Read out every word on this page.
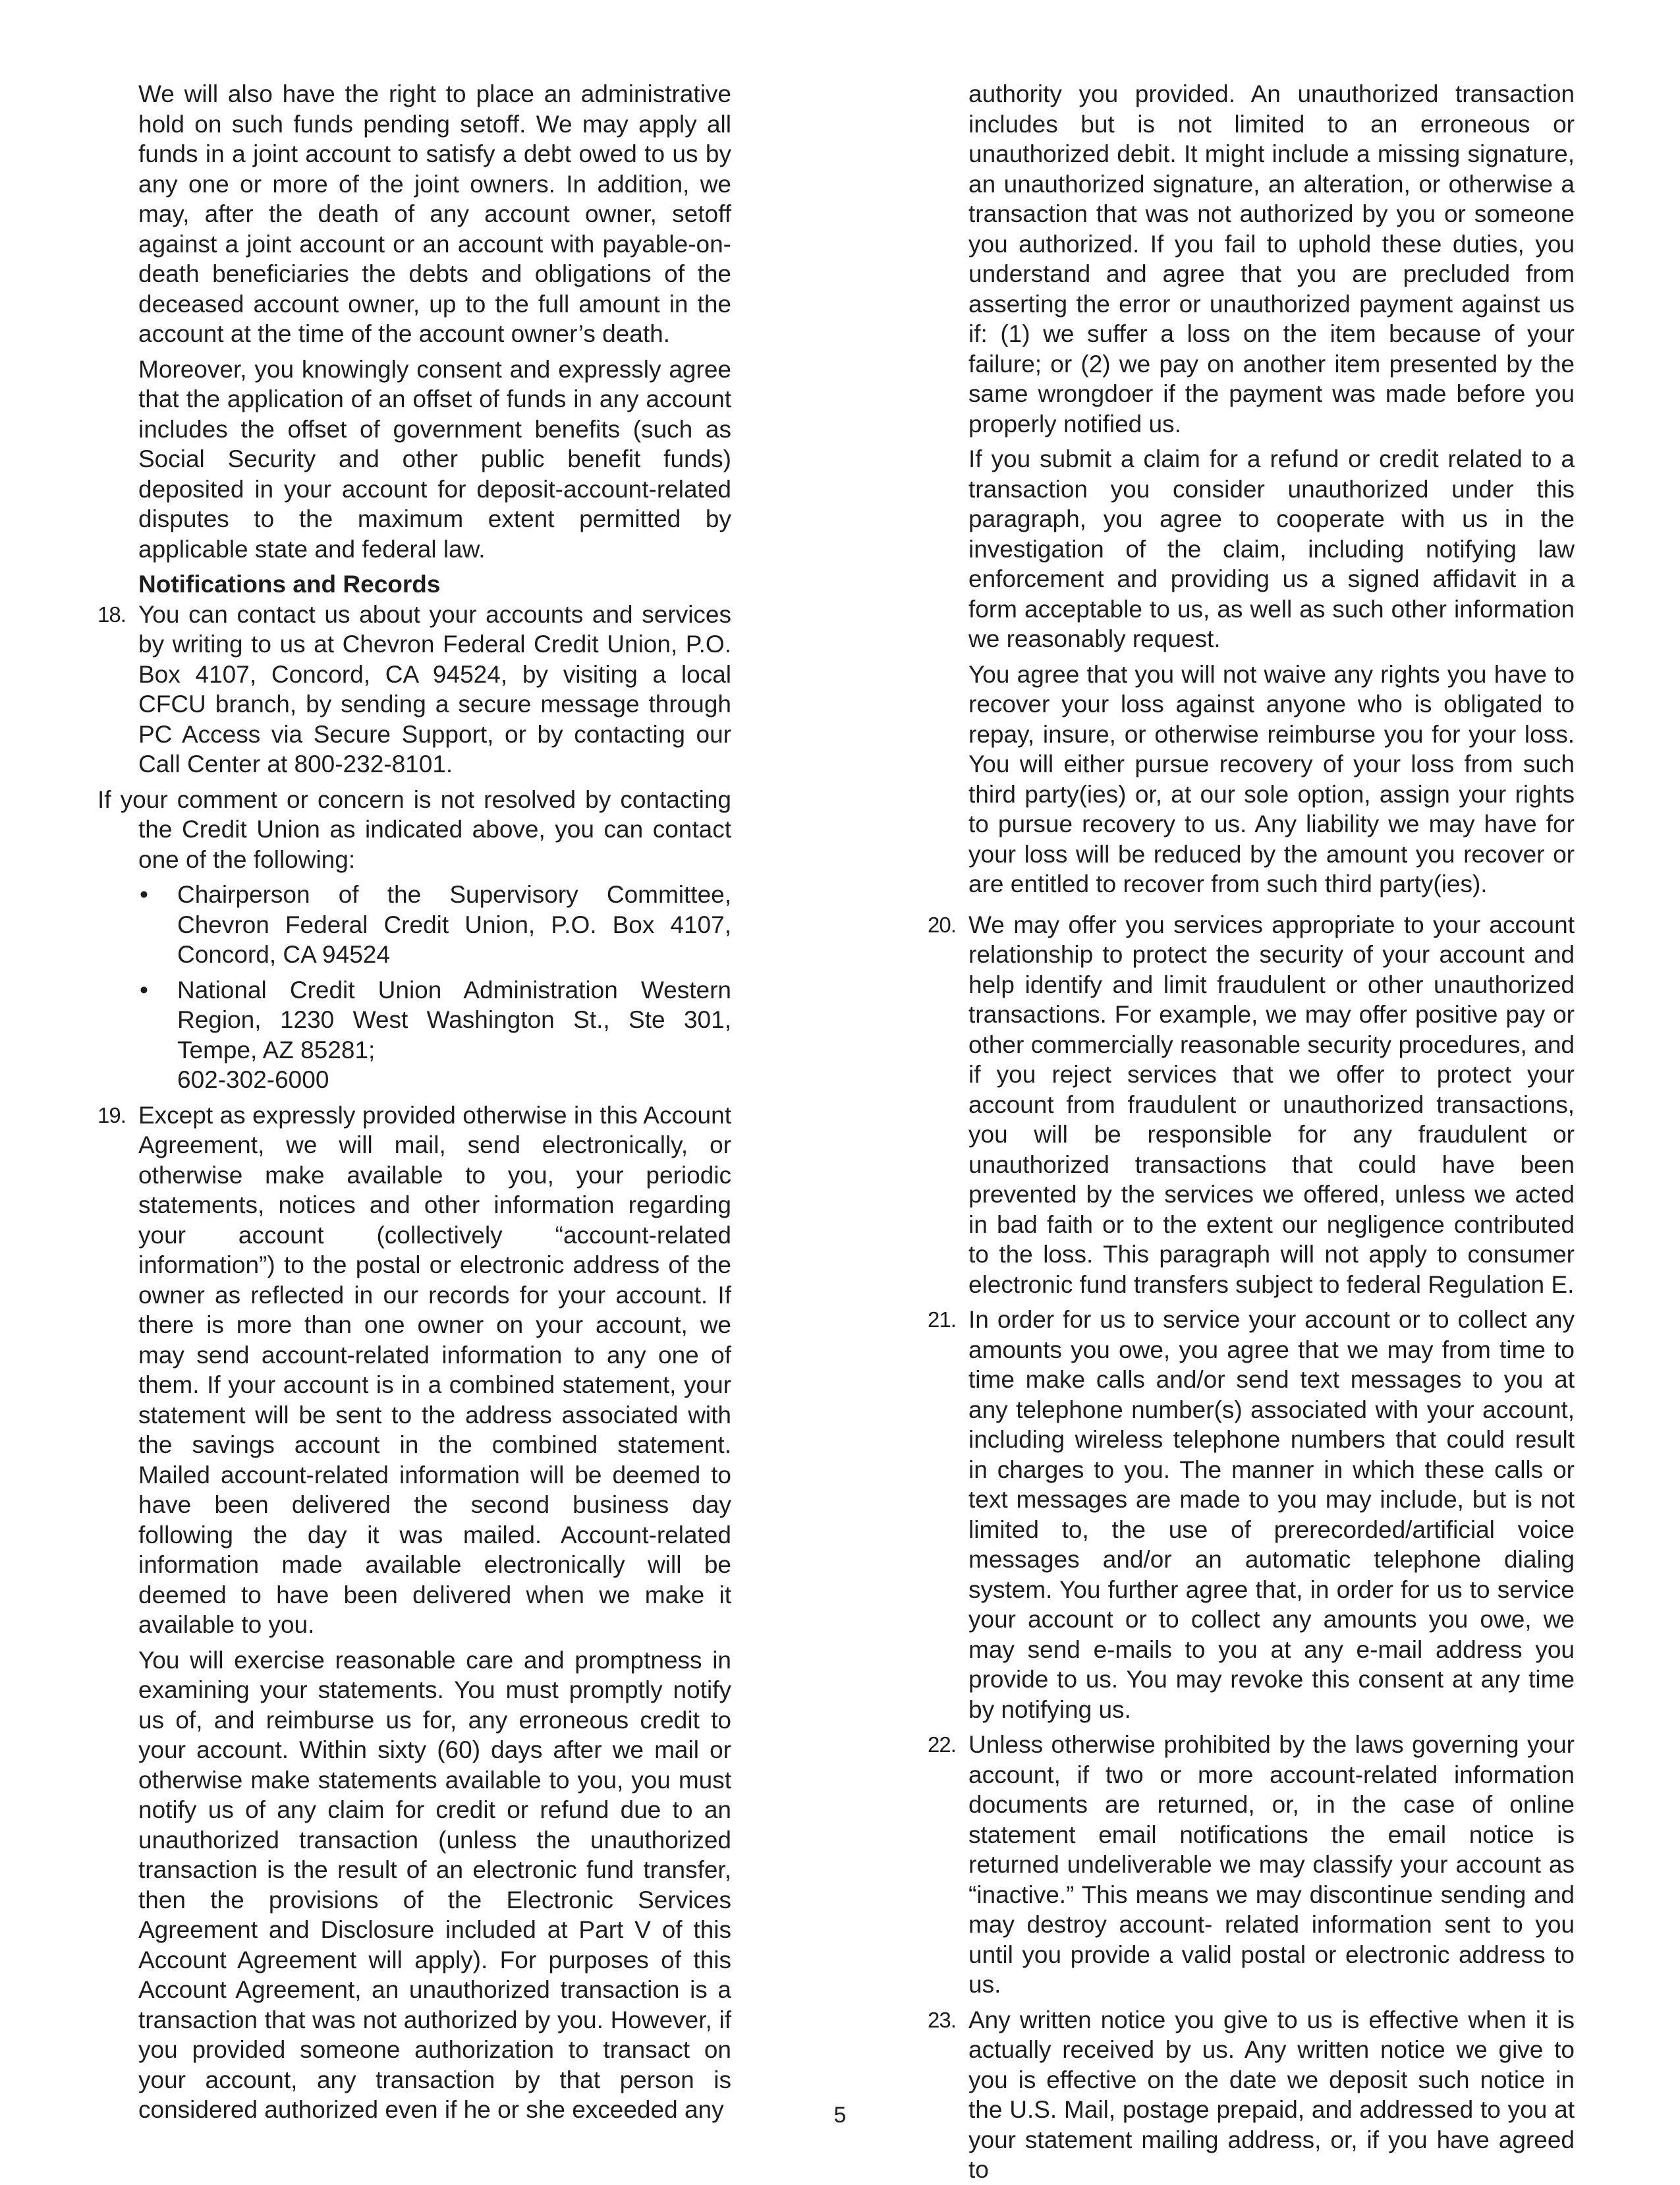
We will also have the right to place an administrative hold on such funds pending setoff. We may apply all funds in a joint account to satisfy a debt owed to us by any one or more of the joint owners. In addition, we may, after the death of any account owner, setoff against a joint account or an account with payable-on-death beneficiaries the debts and obligations of the deceased account owner, up to the full amount in the account at the time of the account owner’s death.

Moreover, you knowingly consent and expressly agree that the application of an offset of funds in any account includes the offset of government benefits (such as Social Security and other public benefit funds) deposited in your account for deposit-account-related disputes to the maximum extent permitted by applicable state and federal law.

Notifications and Records

18. You can contact us about your accounts and services by writing to us at Chevron Federal Credit Union, P.O. Box 4107, Concord, CA 94524, by visiting a local CFCU branch, by sending a secure message through PC Access via Secure Support, or by contacting our Call Center at 800-232-8101.

If your comment or concern is not resolved by contacting the Credit Union as indicated above, you can contact one of the following:

• Chairperson of the Supervisory Committee, Chevron Federal Credit Union, P.O. Box 4107, Concord, CA 94524

• National Credit Union Administration Western Region, 1230 West Washington St., Ste 301, Tempe, AZ 85281;

602-302-6000

19. Except as expressly provided otherwise in this Account Agreement, we will mail, send electronically, or otherwise make available to you, your periodic statements, notices and other information regarding your account (collectively “account-related information”) to the postal or electronic address of the owner as reflected in our records for your account. If there is more than one owner on your account, we may send account-related information to any one of them. If your account is in a combined statement, your statement will be sent to the address associated with the savings account in the combined statement. Mailed account-related information will be deemed to have been delivered the second business day following the day it was mailed. Account-related information made available electronically will be deemed to have been delivered when we make it available to you.

You will exercise reasonable care and promptness in examining your statements. You must promptly notify us of, and reimburse us for, any erroneous credit to your account. Within sixty (60) days after we mail or otherwise make statements available to you, you must notify us of any claim for credit or refund due to an unauthorized transaction (unless the unauthorized transaction is the result of an electronic fund transfer, then the provisions of the Electronic Services Agreement and Disclosure included at Part V of this Account Agreement will apply). For purposes of this Account Agreement, an unauthorized transaction is a transaction that was not authorized by you. However, if you provided someone authorization to transact on your account, any transaction by that person is considered authorized even if he or she exceeded any

authority you provided. An unauthorized transaction includes but is not limited to an erroneous or unauthorized debit. It might include a missing signature, an unauthorized signature, an alteration, or otherwise a transaction that was not authorized by you or someone you authorized. If you fail to uphold these duties, you understand and agree that you are precluded from asserting the error or unauthorized payment against us if: (1) we suffer a loss on the item because of your failure; or (2) we pay on another item presented by the same wrongdoer if the payment was made before you properly notified us.

If you submit a claim for a refund or credit related to a transaction you consider unauthorized under this paragraph, you agree to cooperate with us in the investigation of the claim, including notifying law enforcement and providing us a signed affidavit in a form acceptable to us, as well as such other information we reasonably request.

You agree that you will not waive any rights you have to recover your loss against anyone who is obligated to repay, insure, or otherwise reimburse you for your loss. You will either pursue recovery of your loss from such third party(ies) or, at our sole option, assign your rights to pursue recovery to us. Any liability we may have for your loss will be reduced by the amount you recover or are entitled to recover from such third party(ies).

20. We may offer you services appropriate to your account relationship to protect the security of your account and help identify and limit fraudulent or other unauthorized transactions. For example, we may offer positive pay or other commercially reasonable security procedures, and if you reject services that we offer to protect your account from fraudulent or unauthorized transactions, you will be responsible for any fraudulent or unauthorized transactions that could have been prevented by the services we offered, unless we acted in bad faith or to the extent our negligence contributed to the loss. This paragraph will not apply to consumer electronic fund transfers subject to federal Regulation E.

21. In order for us to service your account or to collect any amounts you owe, you agree that we may from time to time make calls and/or send text messages to you at any telephone number(s) associated with your account, including wireless telephone numbers that could result in charges to you. The manner in which these calls or text messages are made to you may include, but is not limited to, the use of prerecorded/artificial voice messages and/or an automatic telephone dialing system. You further agree that, in order for us to service your account or to collect any amounts you owe, we may send e-mails to you at any e-mail address you provide to us. You may revoke this consent at any time by notifying us.

22. Unless otherwise prohibited by the laws governing your account, if two or more account-related information documents are returned, or, in the case of online statement email notifications the email notice is returned undeliverable we may classify your account as “inactive.” This means we may discontinue sending and may destroy account- related information sent to you until you provide a valid postal or electronic address to us.

23. Any written notice you give to us is effective when it is actually received by us. Any written notice we give to you is effective on the date we deposit such notice in the U.S. Mail, postage prepaid, and addressed to you at your statement mailing address, or, if you have agreed to

5
